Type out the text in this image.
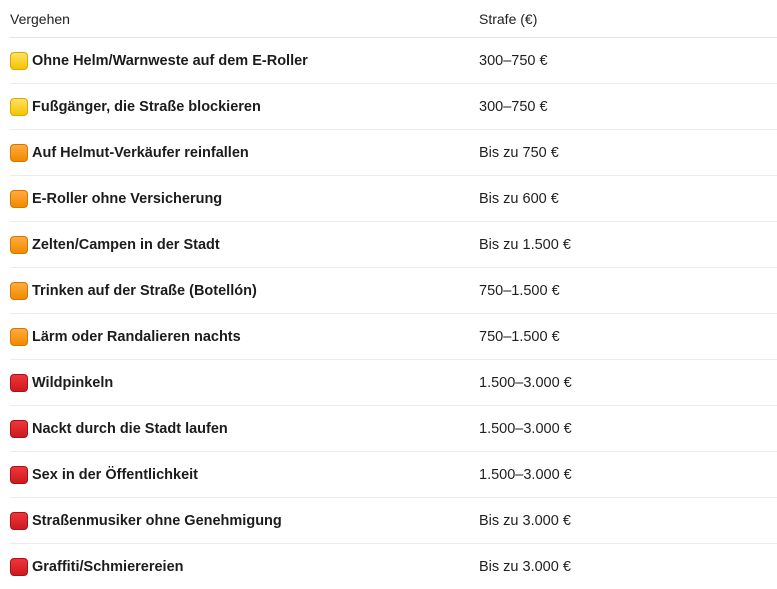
Vergehen	Strafe (€)
Ohne Helm/Warnweste auf dem E-Roller	300–750 €
Fußgänger, die Straße blockieren	300–750 €
Auf Helmut-Verkäufer reinfallen	Bis zu 750 €
E-Roller ohne Versicherung	Bis zu 600 €
Zelten/Campen in der Stadt	Bis zu 1.500 €
Trinken auf der Straße (Botellón)	750–1.500 €
Lärm oder Randalieren nachts	750–1.500 €
Wildpinkeln	1.500–3.000 €
Nackt durch die Stadt laufen	1.500–3.000 €
Sex in der Öffentlichkeit	1.500–3.000 €
Straßenmusiker ohne Genehmigung	Bis zu 3.000 €
Graffiti/Schmierereien	Bis zu 3.000 €
